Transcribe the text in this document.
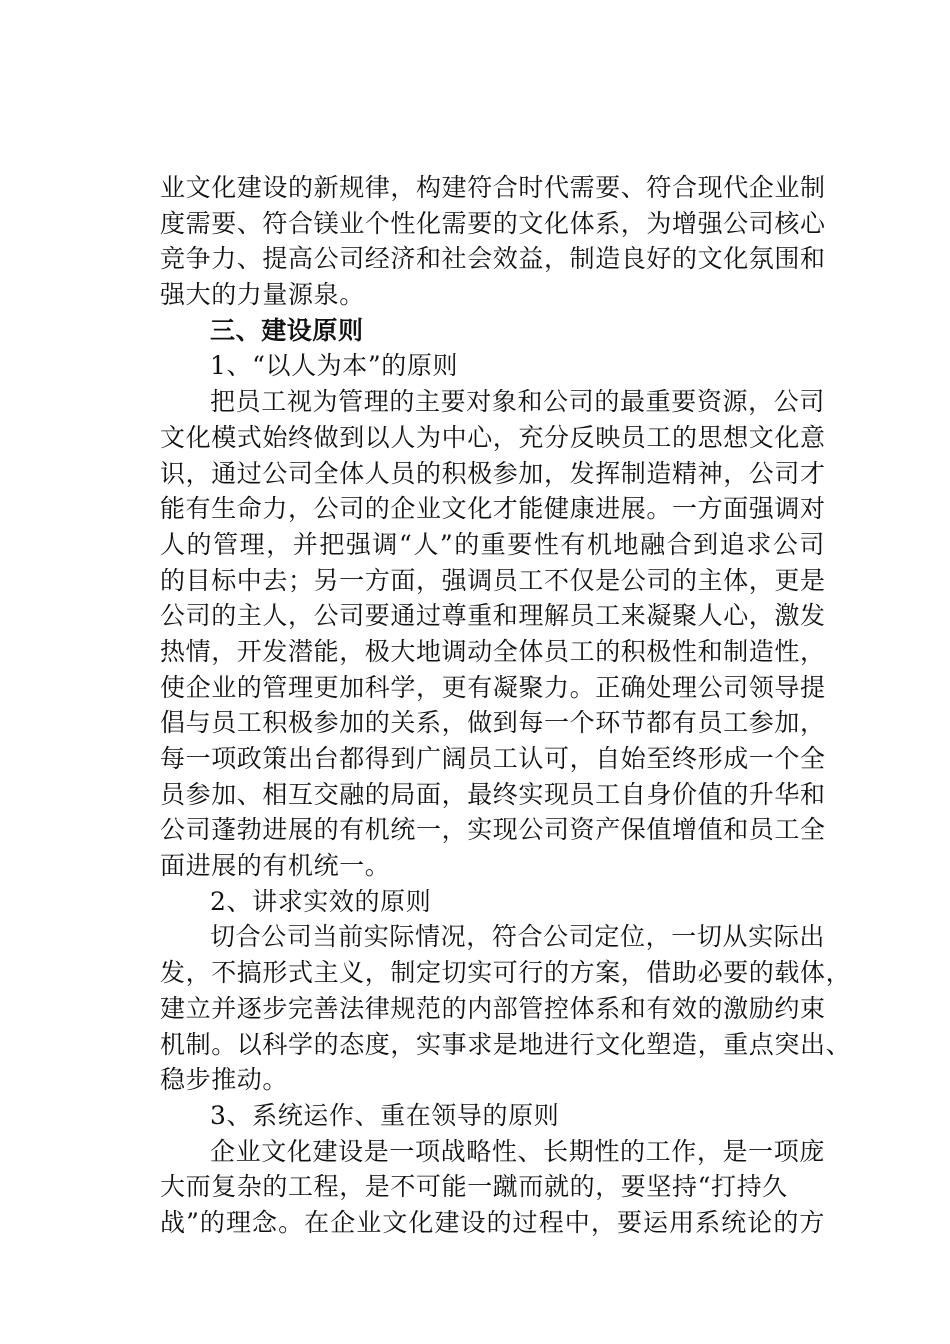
业文化建设的新规律，构建符合时代需要、符合现代企业制
度需要、符合镁业个性化需要的文化体系，为增强公司核心
竞争力、提高公司经济和社会效益，制造良好的文化氛围和
强大的力量源泉。
三、建设原则
1、“以人为本”的原则
把员工视为管理的主要对象和公司的最重要资源，公司
文化模式始终做到以人为中心，充分反映员工的思想文化意
识，通过公司全体人员的积极参加，发挥制造精神，公司才
能有生命力，公司的企业文化才能健康进展。一方面强调对
人的管理，并把强调“人”的重要性有机地融合到追求公司
的目标中去；另一方面，强调员工不仅是公司的主体，更是
公司的主人，公司要通过尊重和理解员工来凝聚人心，激发
热情，开发潜能，极大地调动全体员工的积极性和制造性，
使企业的管理更加科学，更有凝聚力。正确处理公司领导提
倡与员工积极参加的关系，做到每一个环节都有员工参加，
每一项政策出台都得到广阔员工认可，自始至终形成一个全
员参加、相互交融的局面，最终实现员工自身价值的升华和
公司蓬勃进展的有机统一，实现公司资产保值增值和员工全
面进展的有机统一。
2、讲求实效的原则
切合公司当前实际情况，符合公司定位，一切从实际出
发，不搞形式主义，制定切实可行的方案，借助必要的载体，
建立并逐步完善法律规范的内部管控体系和有效的激励约束
机制。以科学的态度，实事求是地进行文化塑造，重点突出、
稳步推动。
3、系统运作、重在领导的原则
企业文化建设是一项战略性、长期性的工作，是一项庞
大而复杂的工程，是不可能一蹴而就的，要坚持“打持久
战”的理念。在企业文化建设的过程中，要运用系统论的方
